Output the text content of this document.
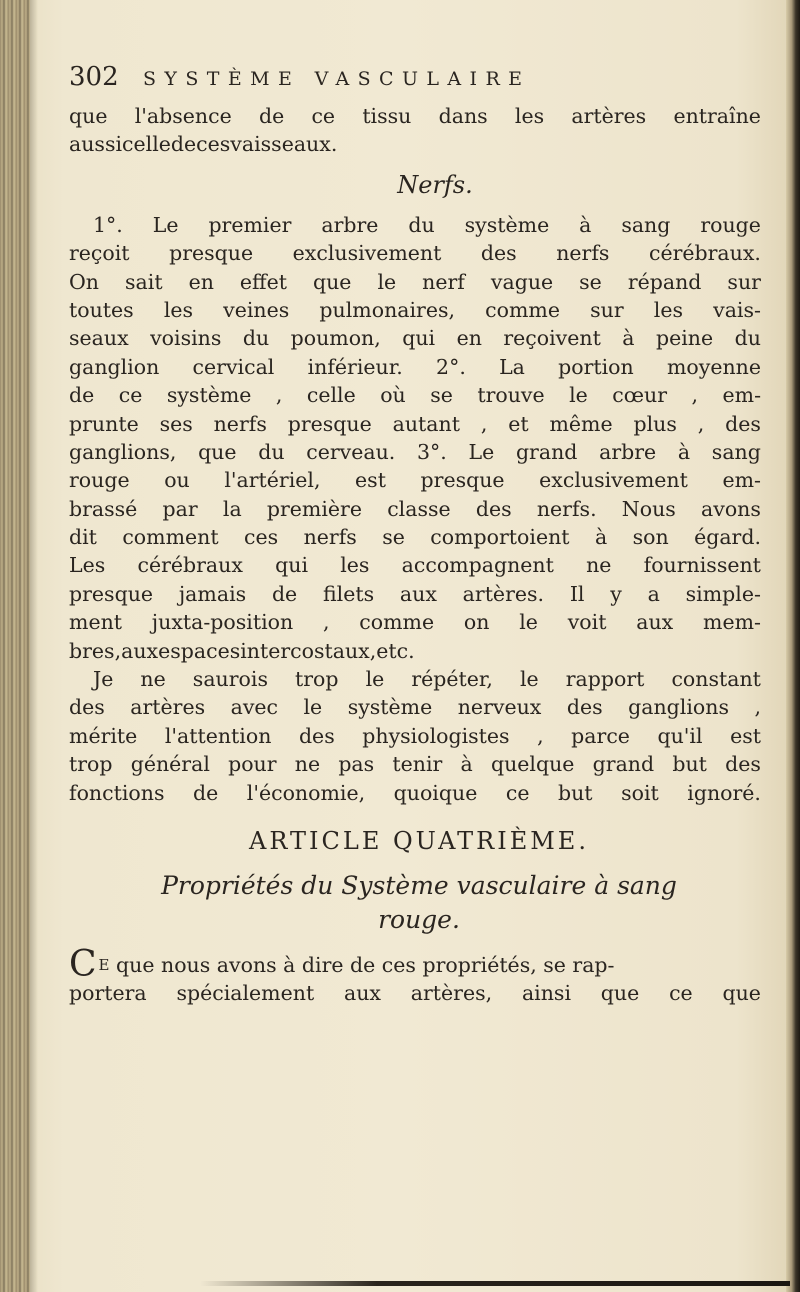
302	SYSTÈME VASCULAIRE
que l'absence de ce tissu dans les artères entraîne
aussi celle de ces vaisseaux.
Nerfs.
1°. Le premier arbre du système à sang rouge
reçoit presque exclusivement des nerfs cérébraux.
On sait en effet que le nerf vague se répand sur
toutes les veines pulmonaires, comme sur les vais-
seaux voisins du poumon, qui en reçoivent à peine du
ganglion cervical inférieur. 2°. La portion moyenne
de ce système , celle où se trouve le cœur , em-
prunte ses nerfs presque autant , et même plus , des
ganglions, que du cerveau. 3°. Le grand arbre à sang
rouge ou l'artériel, est presque exclusivement em-
brassé par la première classe des nerfs. Nous avons
dit comment ces nerfs se comportoient à son égard.
Les cérébraux qui les accompagnent ne fournissent
presque jamais de filets aux artères. Il y a simple-
ment juxta-position , comme on le voit aux mem-
bres, aux espaces intercostaux , etc.
Je ne saurois trop le répéter, le rapport constant
des artères avec le système nerveux des ganglions ,
mérite l'attention des physiologistes , parce qu'il est
trop général pour ne pas tenir à quelque grand but des
fonctions de l'économie, quoique ce but soit ignoré.
ARTICLE QUATRIÈME.
Propriétés du Système vasculaire à sang
rouge.
C E que nous avons à dire de ces propriétés, se rap-
portera spécialement aux artères, ainsi que ce que
